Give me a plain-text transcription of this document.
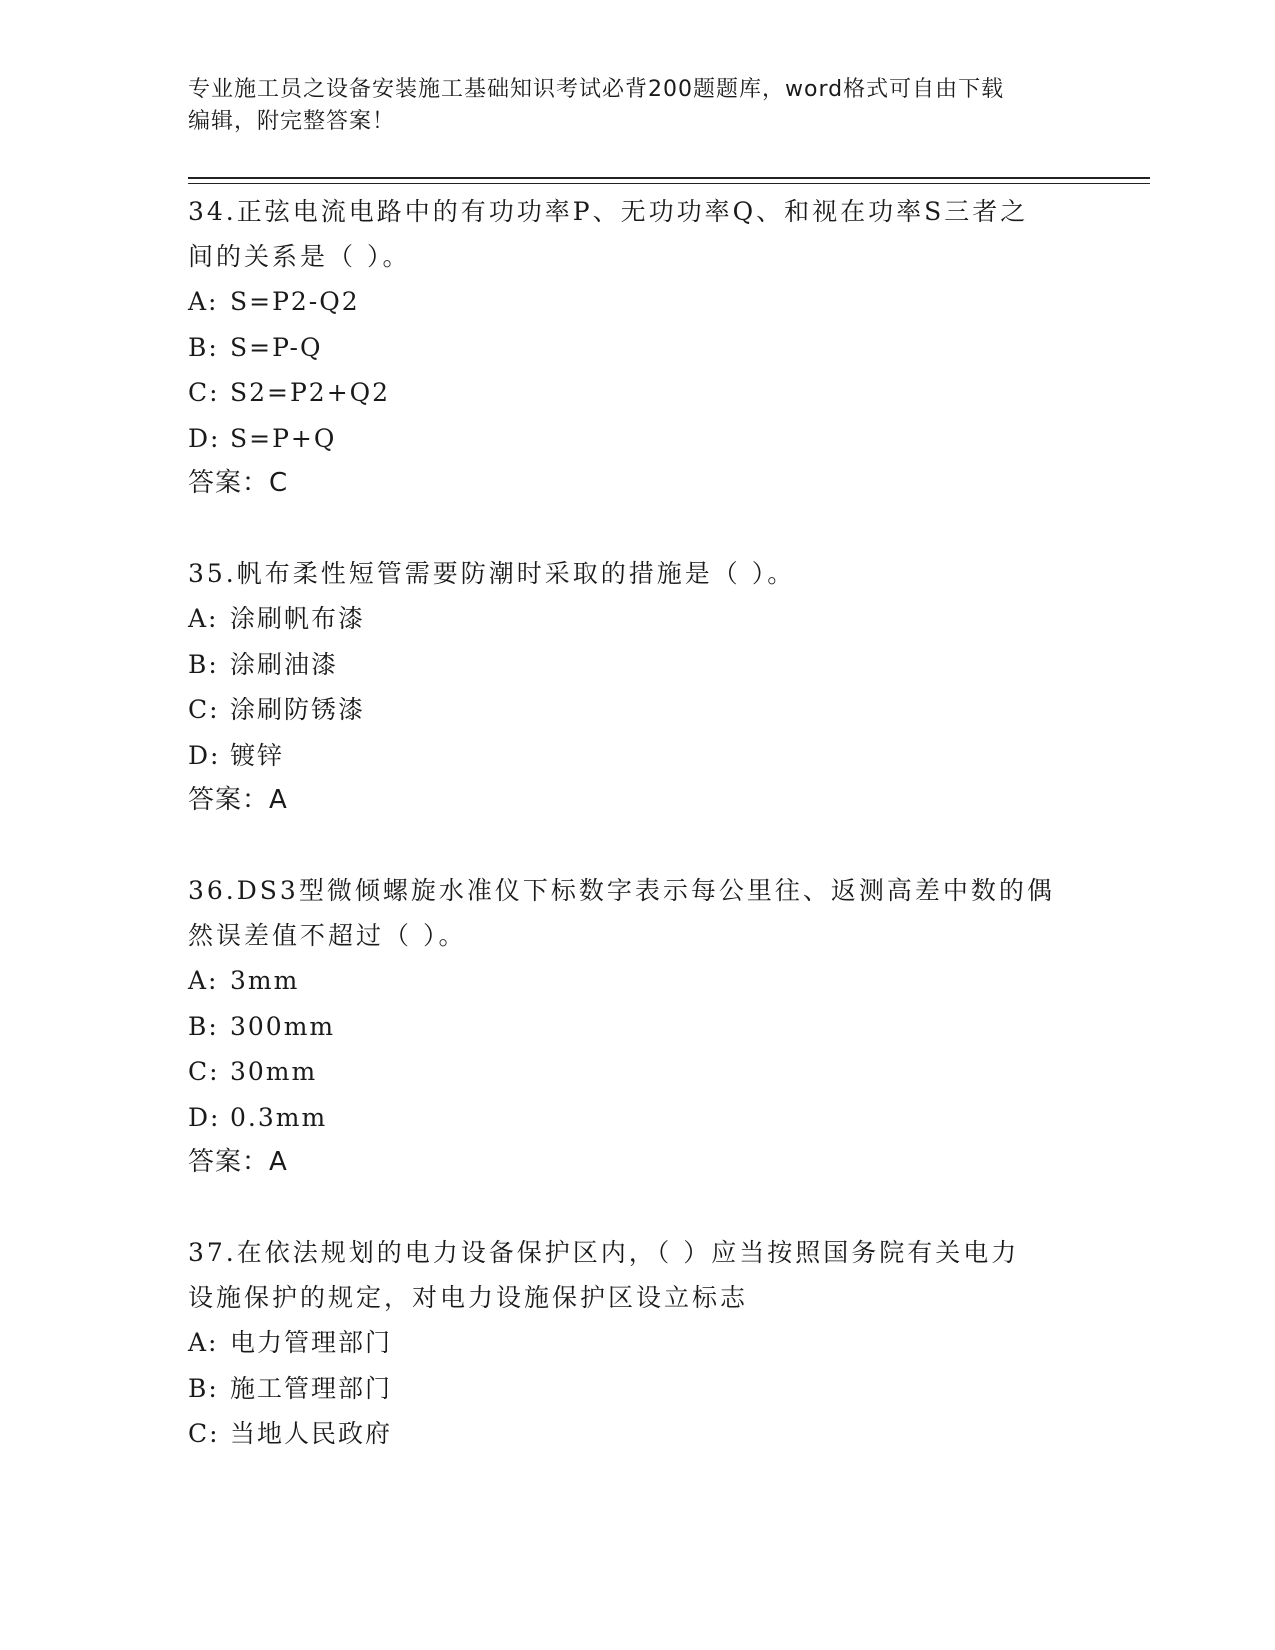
专业施工员之设备安装施工基础知识考试必背200题题库，word格式可自由下载
编辑，附完整答案！
34.正弦电流电路中的有功功率P、无功功率Q、和视在功率S三者之
间的关系是（ ）。
A: S=P2-Q2
B: S=P-Q
C: S2=P2+Q2
D: S=P+Q
答案：C
35.帆布柔性短管需要防潮时采取的措施是（ ）。
A: 涂刷帆布漆
B: 涂刷油漆
C: 涂刷防锈漆
D: 镀锌
答案：A
36.DS3型微倾螺旋水准仪下标数字表示每公里往、返测高差中数的偶
然误差值不超过（ ）。
A: 3mm
B: 300mm
C: 30mm
D: 0.3mm
答案：A
37.在依法规划的电力设备保护区内，（ ）应当按照国务院有关电力
设施保护的规定，对电力设施保护区设立标志
A: 电力管理部门
B: 施工管理部门
C: 当地人民政府
